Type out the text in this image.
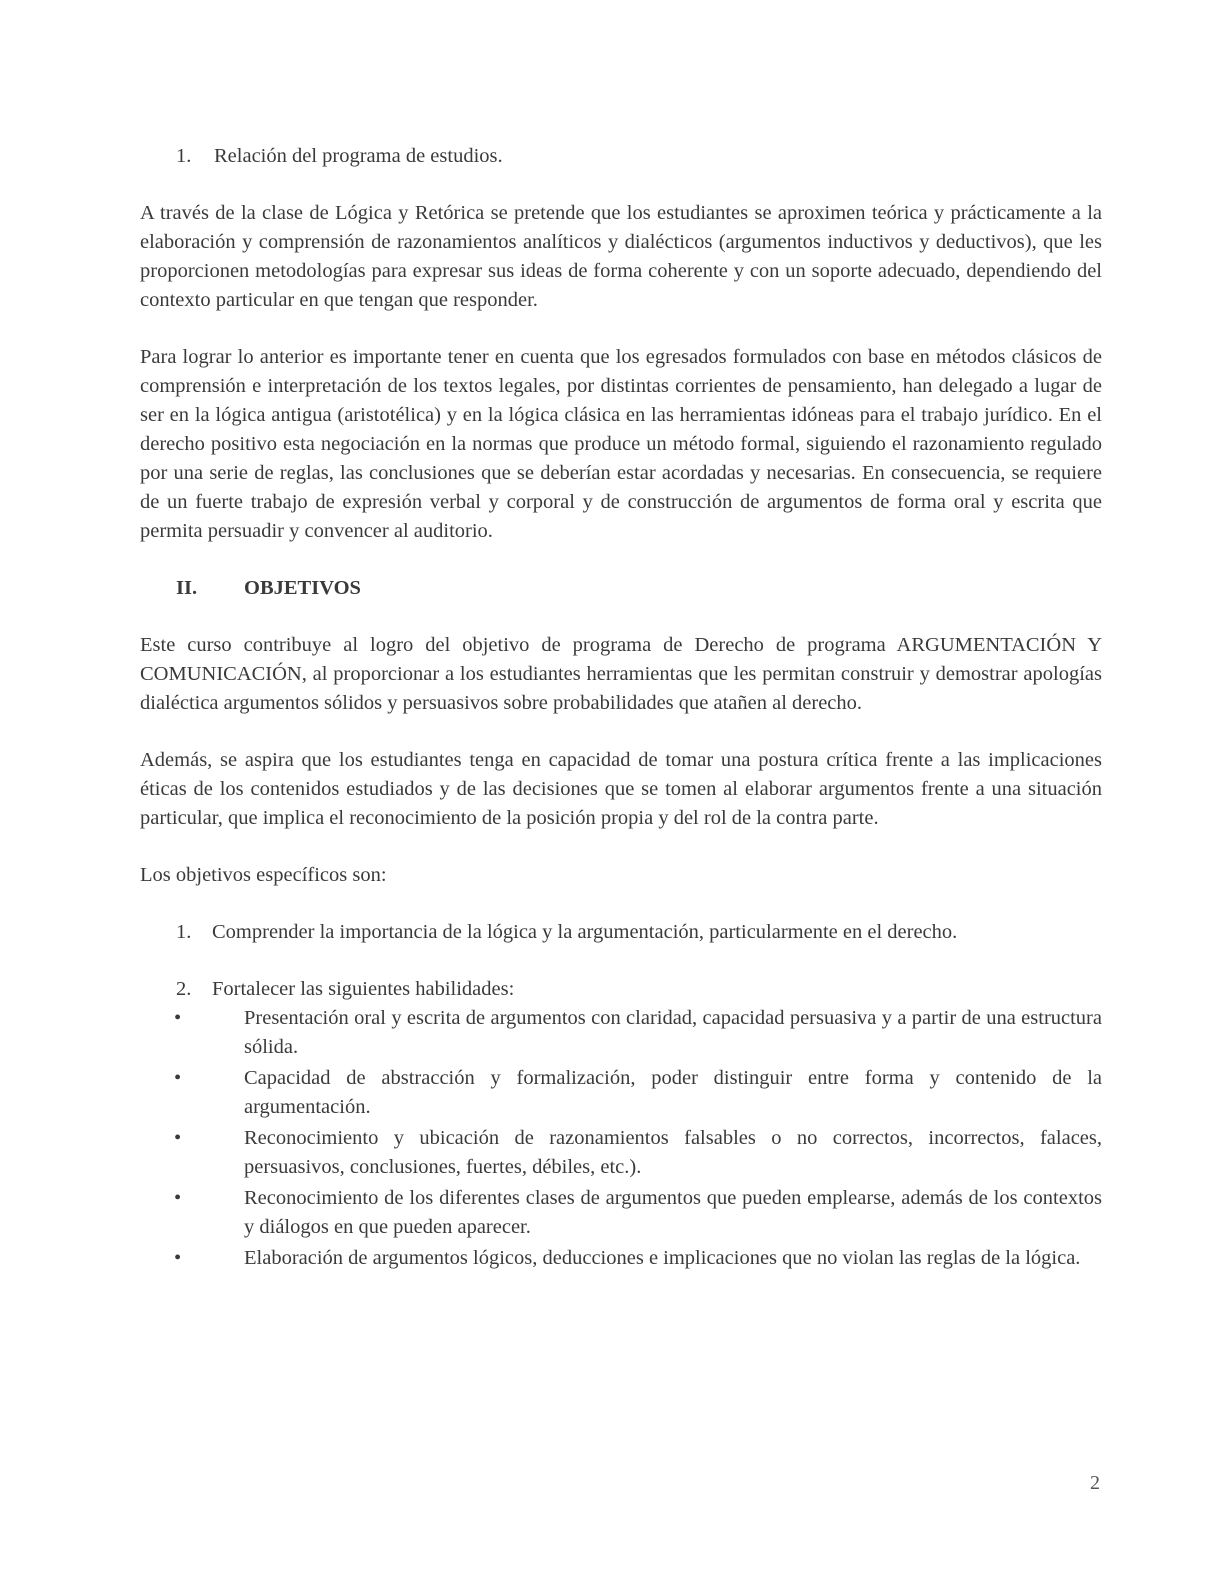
1.	Relación del programa de estudios.

A través de la clase de Lógica y Retórica se pretende que los estudiantes se aproximen teórica y prácticamente a la elaboración y comprensión de razonamientos analíticos y dialécticos (argumentos inductivos y deductivos), que les proporcionen metodologías para expresar sus ideas de forma coherente y con un soporte adecuado, dependiendo del contexto particular en que tengan que responder.

Para lograr lo anterior es importante tener en cuenta que los egresados formulados con base en métodos clásicos de comprensión e interpretación de los textos legales, por distintas corrientes de pensamiento, han delegado a lugar de ser en la lógica antigua (aristotélica) y en la lógica clásica en las herramientas idóneas para el trabajo jurídico. En el derecho positivo esta negociación en la normas que produce un método formal, siguiendo el razonamiento regulado por una serie de reglas, las conclusiones que se deberían estar acordadas y necesarias. En consecuencia, se requiere de un fuerte trabajo de expresión verbal y corporal y de construcción de argumentos de forma oral y escrita que permita persuadir y convencer al auditorio.

II.	OBJETIVOS

Este curso contribuye al logro del objetivo de programa de Derecho de programa ARGUMENTACIÓN Y COMUNICACIÓN, al proporcionar a los estudiantes herramientas que les permitan construir y demostrar apologías dialéctica argumentos sólidos y persuasivos sobre probabilidades que atañen al derecho.

Además, se aspira que los estudiantes tenga en capacidad de tomar una postura crítica frente a las implicaciones éticas de los contenidos estudiados y de las decisiones que se tomen al elaborar argumentos frente a una situación particular, que implica el reconocimiento de la posición propia y del rol de la contra parte.

Los objetivos específicos son:

1.	Comprender la importancia de la lógica y la argumentación, particularmente en el derecho.
2.	Fortalecer las siguientes habilidades:
•	Presentación oral y escrita de argumentos con claridad, capacidad persuasiva y a partir de una estructura sólida.
•	Capacidad de abstracción y formalización, poder distinguir entre forma y contenido de la argumentación.
•	Reconocimiento y ubicación de razonamientos falsables o no correctos, incorrectos, falaces, persuasivos, conclusiones, fuertes, débiles, etc.).
•	Reconocimiento de los diferentes clases de argumentos que pueden emplearse, además de los contextos y diálogos en que pueden aparecer.
•	Elaboración de argumentos lógicos, deducciones e implicaciones que no violan las reglas de la lógica.
2
